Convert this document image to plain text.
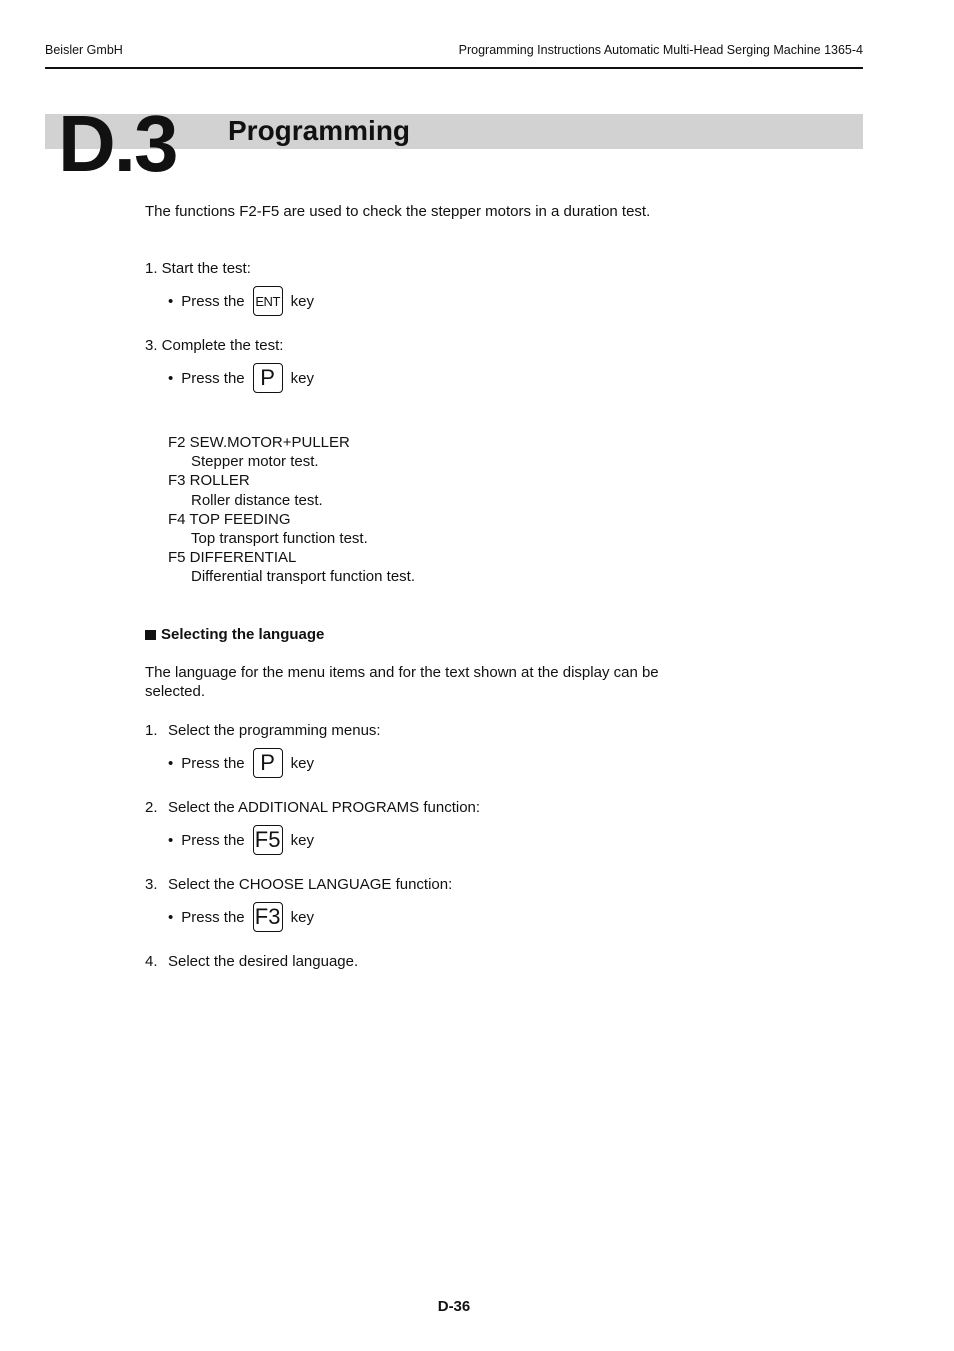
Beisler GmbH	Programming Instructions Automatic Multi-Head Serging Machine 1365-4
D.3 Programming
The functions F2-F5 are used to check the stepper motors in a duration test.
1. Start the test:
• Press the ENT key
3. Complete the test:
• Press the P	key
F2 SEW.MOTOR+PULLER
Stepper motor test.
F3 ROLLER
Roller distance test.
F4 TOP FEEDING
Top transport function test.
F5 DIFFERENTIAL
Differential transport function test.
Selecting the language
The language for the menu items and for the text shown at the display can be selected.
1. Select the programming menus:
• Press the P	key
2. Select the ADDITIONAL PROGRAMS function:
• Press the F5 key
3. Select the CHOOSE LANGUAGE function:
• Press the F3 key
4. Select the desired language.
D-36
